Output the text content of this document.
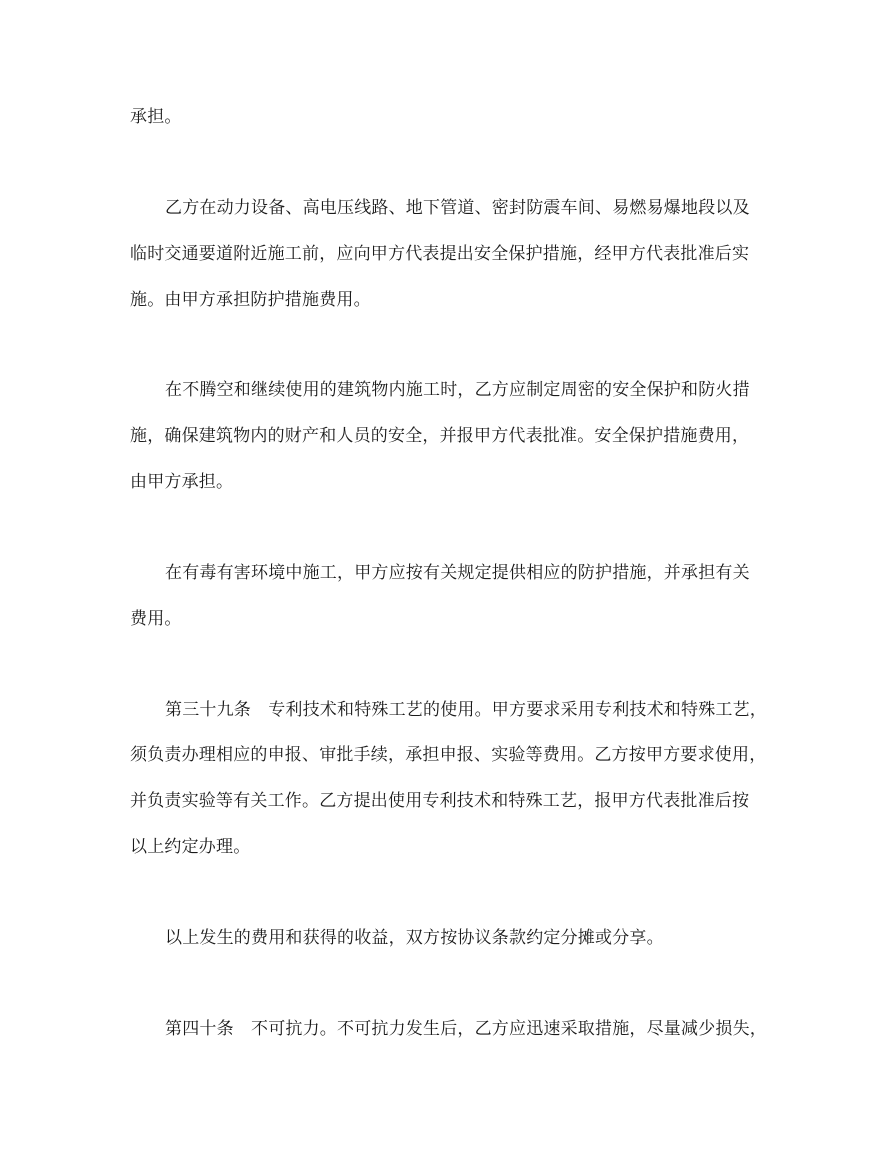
承担。
乙方在动力设备、高电压线路、地下管道、密封防震车间、易燃易爆地段以及
临时交通要道附近施工前，应向甲方代表提出安全保护措施，经甲方代表批准后实
施。由甲方承担防护措施费用。
在不腾空和继续使用的建筑物内施工时，乙方应制定周密的安全保护和防火措
施，确保建筑物内的财产和人员的安全，并报甲方代表批准。安全保护措施费用，
由甲方承担。
在有毒有害环境中施工，甲方应按有关规定提供相应的防护措施，并承担有关
费用。
第三十九条　专利技术和特殊工艺的使用。甲方要求采用专利技术和特殊工艺，
须负责办理相应的申报、审批手续，承担申报、实验等费用。乙方按甲方要求使用，
并负责实验等有关工作。乙方提出使用专利技术和特殊工艺，报甲方代表批准后按
以上约定办理。
以上发生的费用和获得的收益，双方按协议条款约定分摊或分享。
第四十条　不可抗力。不可抗力发生后，乙方应迅速采取措施，尽量减少损失，
